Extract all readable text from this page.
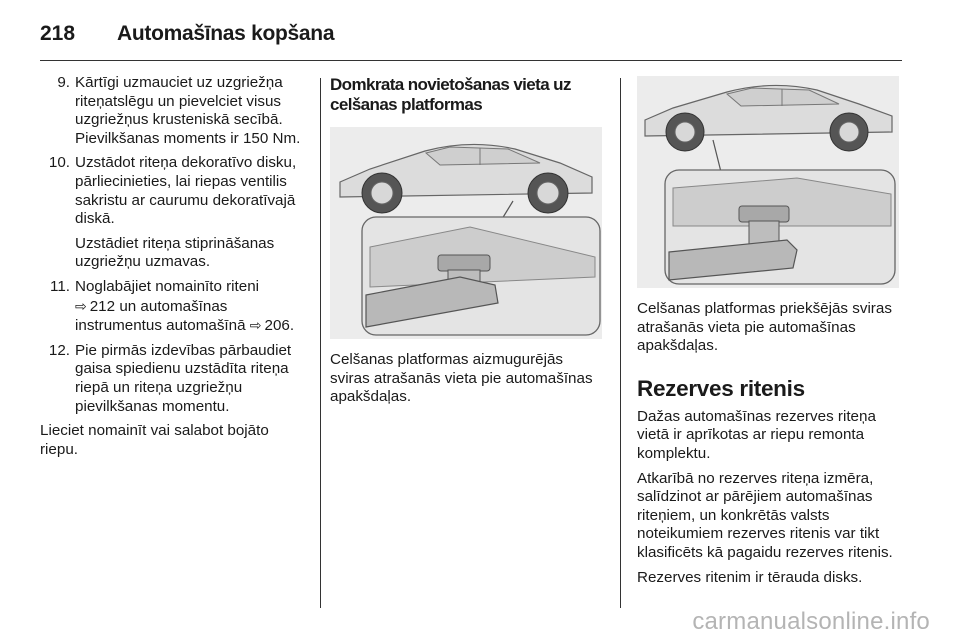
218 Automašīnas kopšana
9. Kārtīgi uzmauciet uz uzgriežņa riteņatslēgu un pievelciet visus uzgriežņus krusteniskā secībā. Pievilkšanas moments ir 150 Nm.
10. Uzstādot riteņa dekoratīvo disku, pārliecinieties, lai riepas ventilis sakristu ar caurumu dekoratīvajā diskā.
Uzstādiet riteņa stiprināšanas uzgriežņu uzmavas.
11. Noglabājiet nomainīto riteni
⇨ 212 un automašīnas instrumentus automašīnā ⇨ 206.
12. Pie pirmās izdevības pārbaudiet gaisa spiedienu uzstādīta riteņa riepā un riteņa uzgriežņu pievilkšanas momentu.
Lieciet nomainīt vai salabot bojāto riepu.
Domkrata novietošanas vieta uz celšanas platformas
Celšanas platformas aizmugurējās sviras atrašanās vieta pie automašīnas apakšdaļas.
Celšanas platformas priekšējās sviras atrašanās vieta pie automašīnas apakšdaļas.
Rezerves ritenis
Dažas automašīnas rezerves riteņa vietā ir aprīkotas ar riepu remonta komplektu.
Atkarībā no rezerves riteņa izmēra, salīdzinot ar pārējiem automašīnas riteņiem, un konkrētās valsts noteikumiem rezerves ritenis var tikt klasificēts kā pagaidu rezerves ritenis.
Rezerves ritenim ir tērauda disks.
carmanualsonline.info
